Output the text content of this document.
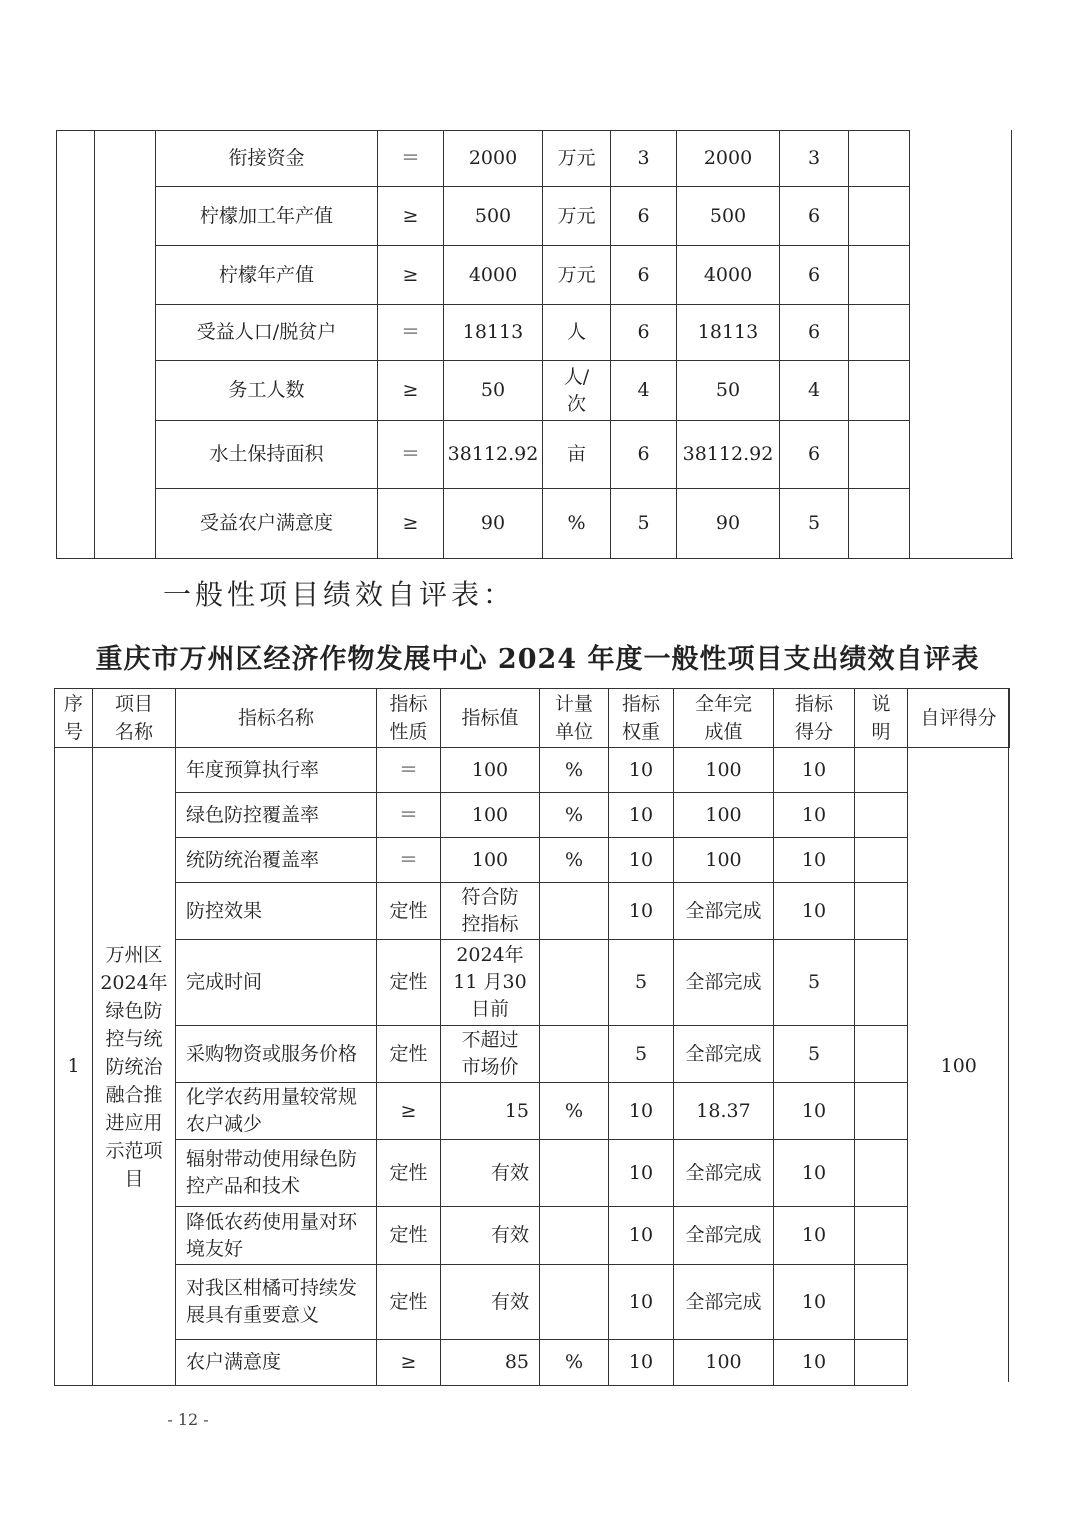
		衔接资金	＝	2000	万元	3	2000	3		
		柠檬加工年产值	≥	500	万元	6	500	6		
		柠檬年产值	≥	4000	万元	6	4000	6		
		受益人口/脱贫户	＝	18113	人	6	18113	6		
		务工人数	≥	50	人/次	4	50	4		
		水土保持面积	＝	38112.92	亩	6	38112.92	6		
		受益农户满意度	≥	90	%	5	90	5		

一般性项目绩效自评表：

重庆市万州区经济作物发展中心 2024 年度一般性项目支出绩效自评表
序号	项目名称	指标名称	指标性质	指标值	计量单位	指标权重	全年完成值	指标得分	说明	自评得分
1	万州区2024年绿色防控与统防统治融合推进应用示范项目	年度预算执行率	＝	100	%	10	100	10		100
		绿色防控覆盖率	＝	100	%	10	100	10		
		统防统治覆盖率	＝	100	%	10	100	10		
		防控效果	定性	符合防控指标		10	全部完成	10		
		完成时间	定性	2024年 11 月30日前		5	全部完成	5		
		采购物资或服务价格	定性	不超过市场价		5	全部完成	5		
		化学农药用量较常规农户减少	≥	15	%	10	18.37	10		
		辐射带动使用绿色防控产品和技术	定性	有效		10	全部完成	10		
		降低农药使用量对环境友好	定性	有效		10	全部完成	10		
		对我区柑橘可持续发展具有重要意义	定性	有效		10	全部完成	10		
		农户满意度	≥	85	%	10	100	10		
- 12 -
